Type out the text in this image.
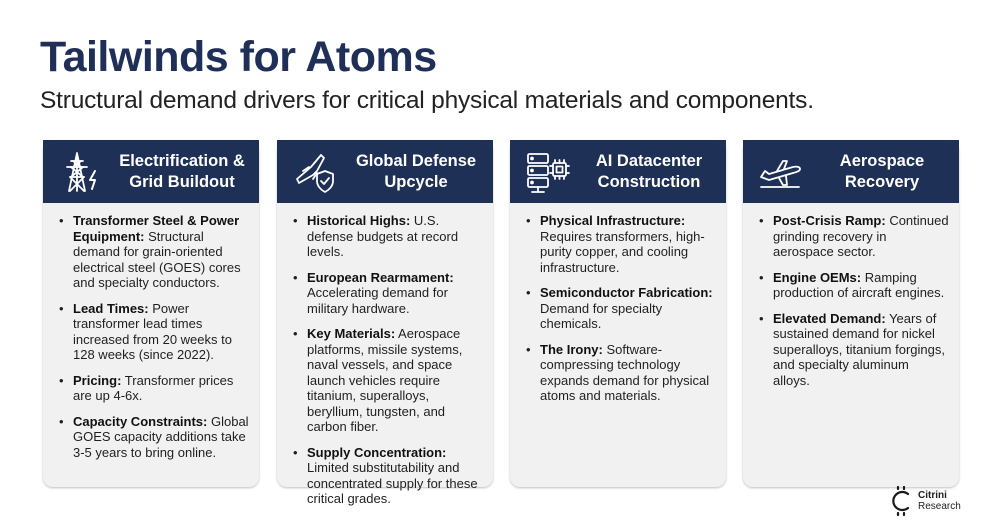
Tailwinds for Atoms
Structural demand drivers for critical physical materials and components.
Electrification &
Grid Buildout
• Transformer Steel & Power Equipment: Structural demand for grain-oriented electrical steel (GOES) cores and specialty conductors.
• Lead Times: Power transformer lead times increased from 20 weeks to 128 weeks (since 2022).
• Pricing: Transformer prices are up 4-6x.
• Capacity Constraints: Global GOES capacity additions take 3-5 years to bring online.
Global Defense
Upcycle
• Historical Highs: U.S. defense budgets at record levels.
• European Rearmament: Accelerating demand for military hardware.
• Key Materials: Aerospace platforms, missile systems, naval vessels, and space launch vehicles require titanium, superalloys, beryllium, tungsten, and carbon fiber.
• Supply Concentration: Limited substitutability and concentrated supply for these critical grades.
AI Datacenter
Construction
• Physical Infrastructure: Requires transformers, high-purity copper, and cooling infrastructure.
• Semiconductor Fabrication: Demand for specialty chemicals.
• The Irony: Software-compressing technology expands demand for physical atoms and materials.
Aerospace
Recovery
• Post-Crisis Ramp: Continued grinding recovery in aerospace sector.
• Engine OEMs: Ramping production of aircraft engines.
• Elevated Demand: Years of sustained demand for nickel superalloys, titanium forgings, and specialty aluminum alloys.
Citrini
Research
